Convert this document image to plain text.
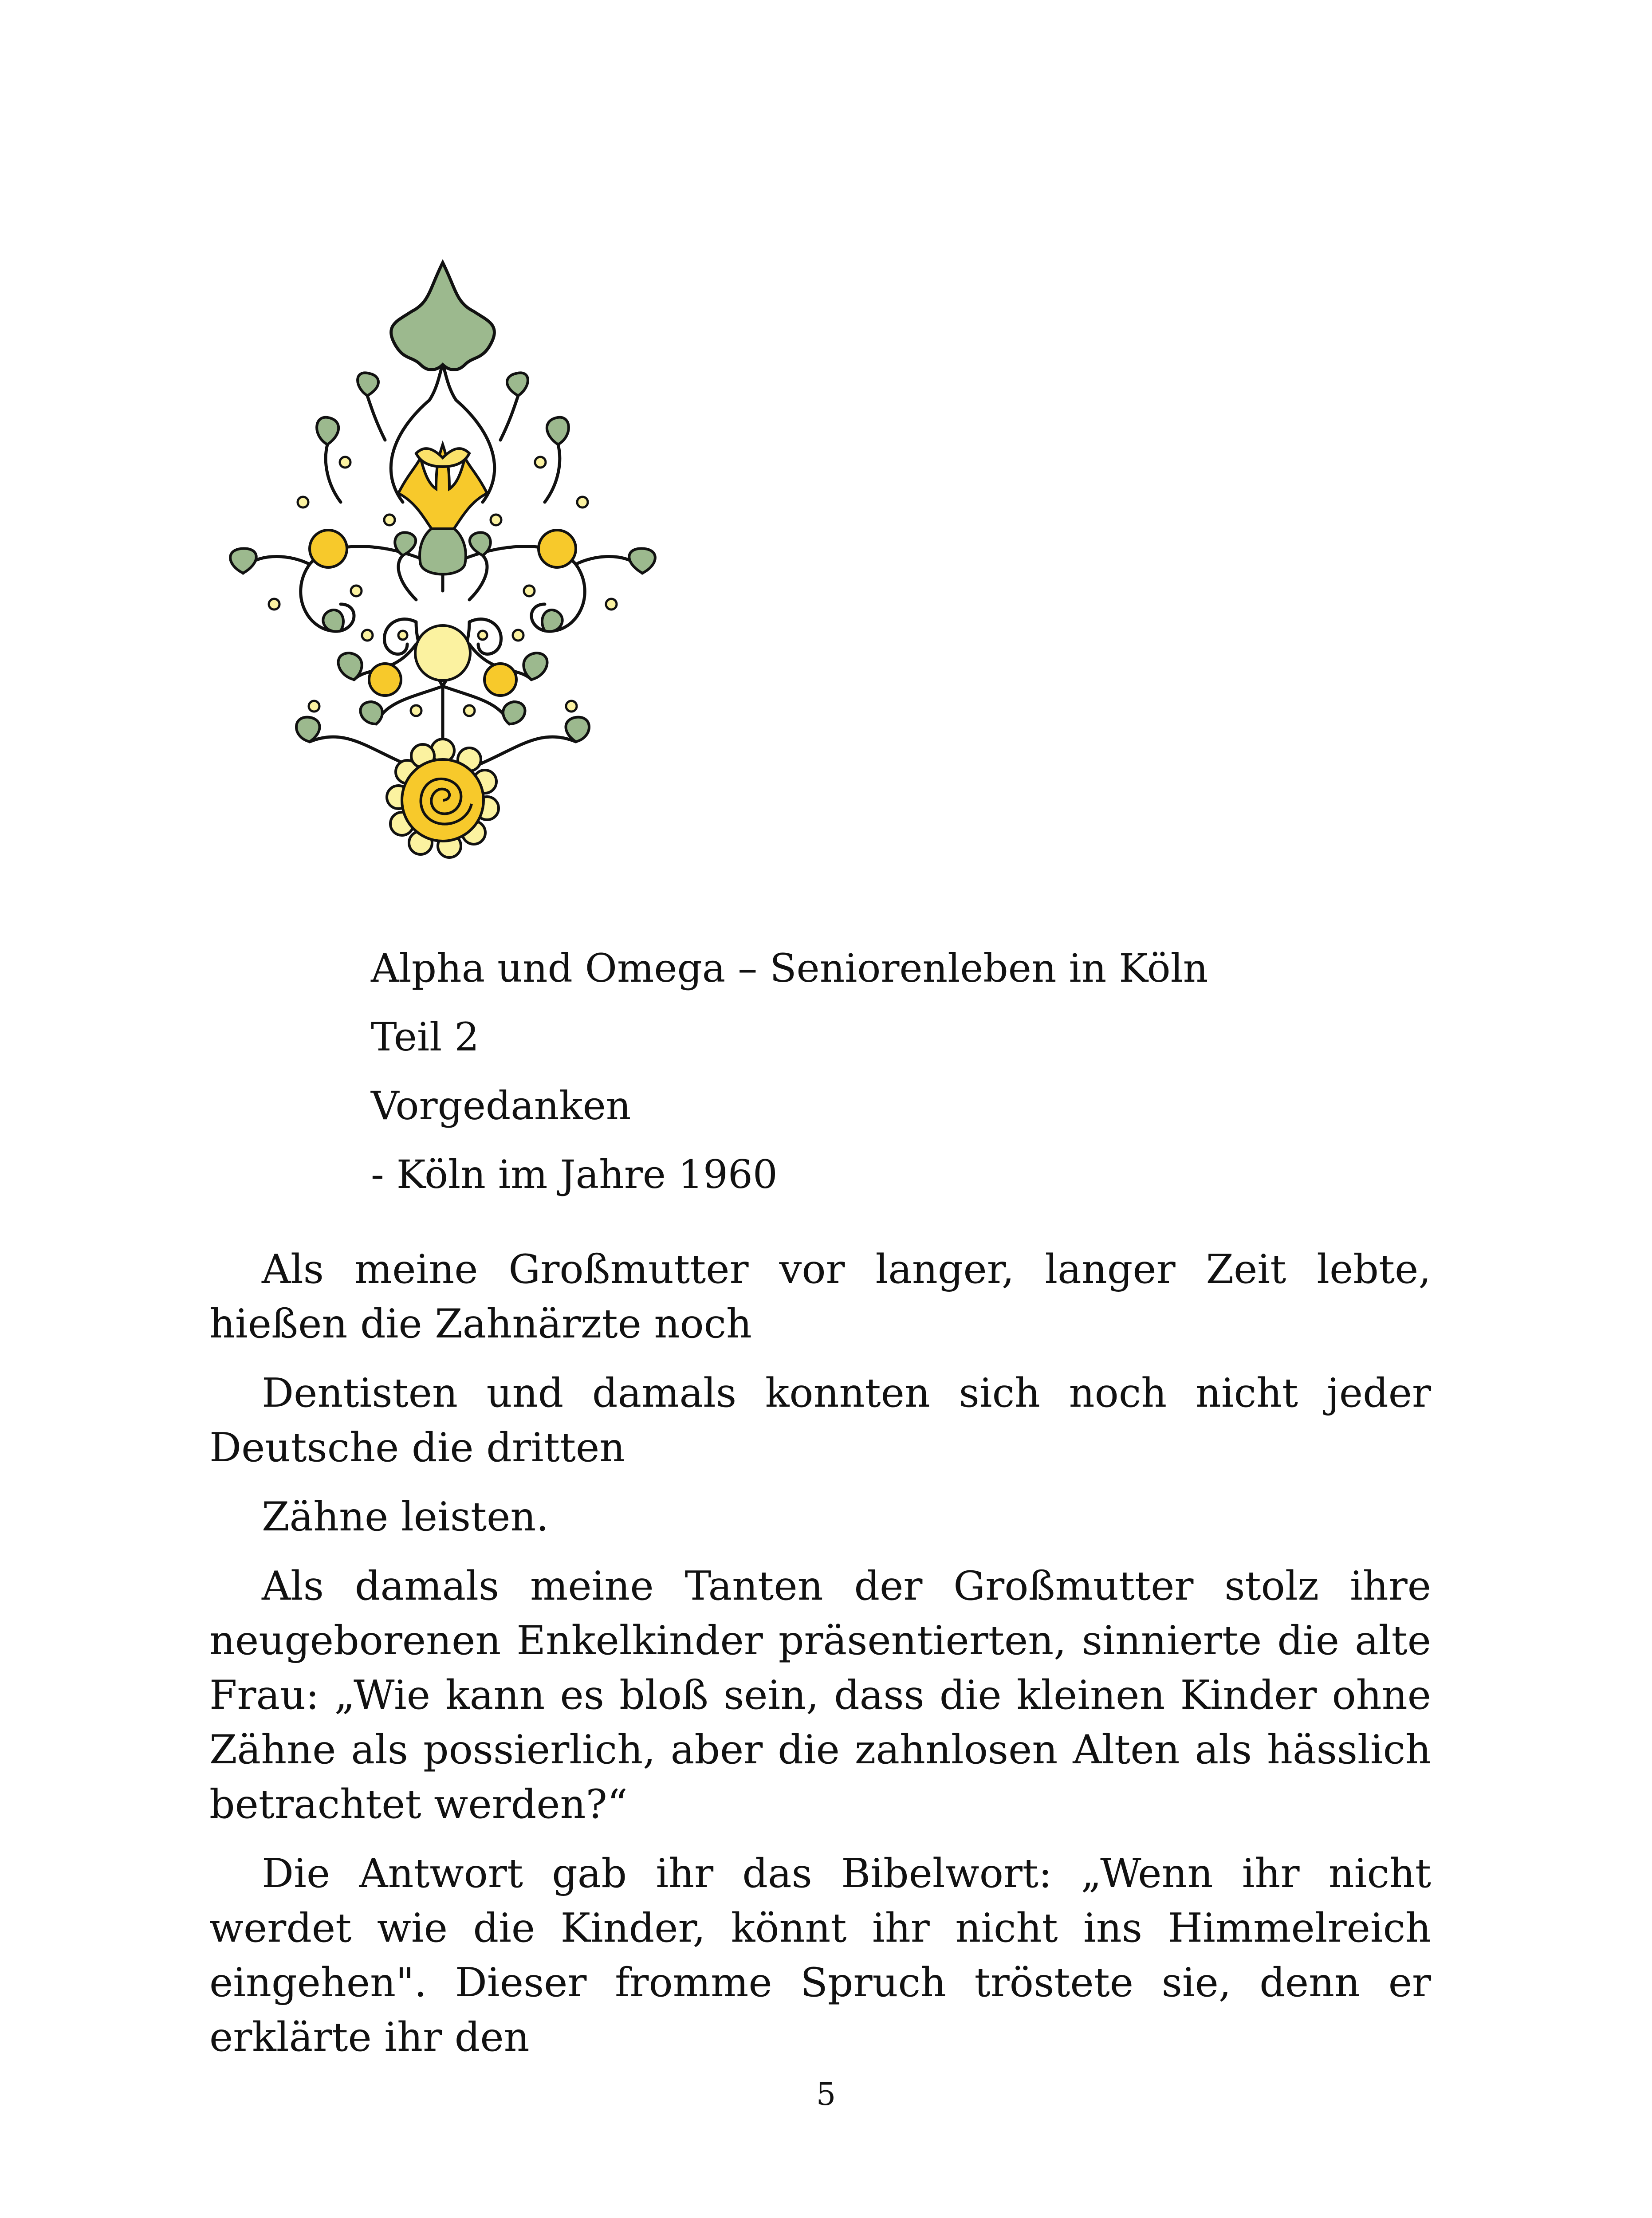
Alpha und Omega – Seniorenleben in Köln

Teil 2

Vorgedanken

- Köln im Jahre 1960

Als meine Großmutter vor langer, langer Zeit lebte, hießen die Zahnärzte noch

Dentisten und damals konnten sich noch nicht jeder Deutsche die dritten

Zähne leisten.

Als damals meine Tanten der Großmutter stolz ihre neugeborenen Enkelkinder präsentierten, sinnierte die alte Frau: „Wie kann es bloß sein, dass die kleinen Kinder ohne Zähne als possierlich, aber die zahnlosen Alten als hässlich betrachtet werden?“

Die Antwort gab ihr das Bibelwort: „Wenn ihr nicht werdet wie die Kinder, könnt ihr nicht ins Himmelreich eingehen". Dieser fromme Spruch tröstete sie, denn er erklärte ihr den

5
